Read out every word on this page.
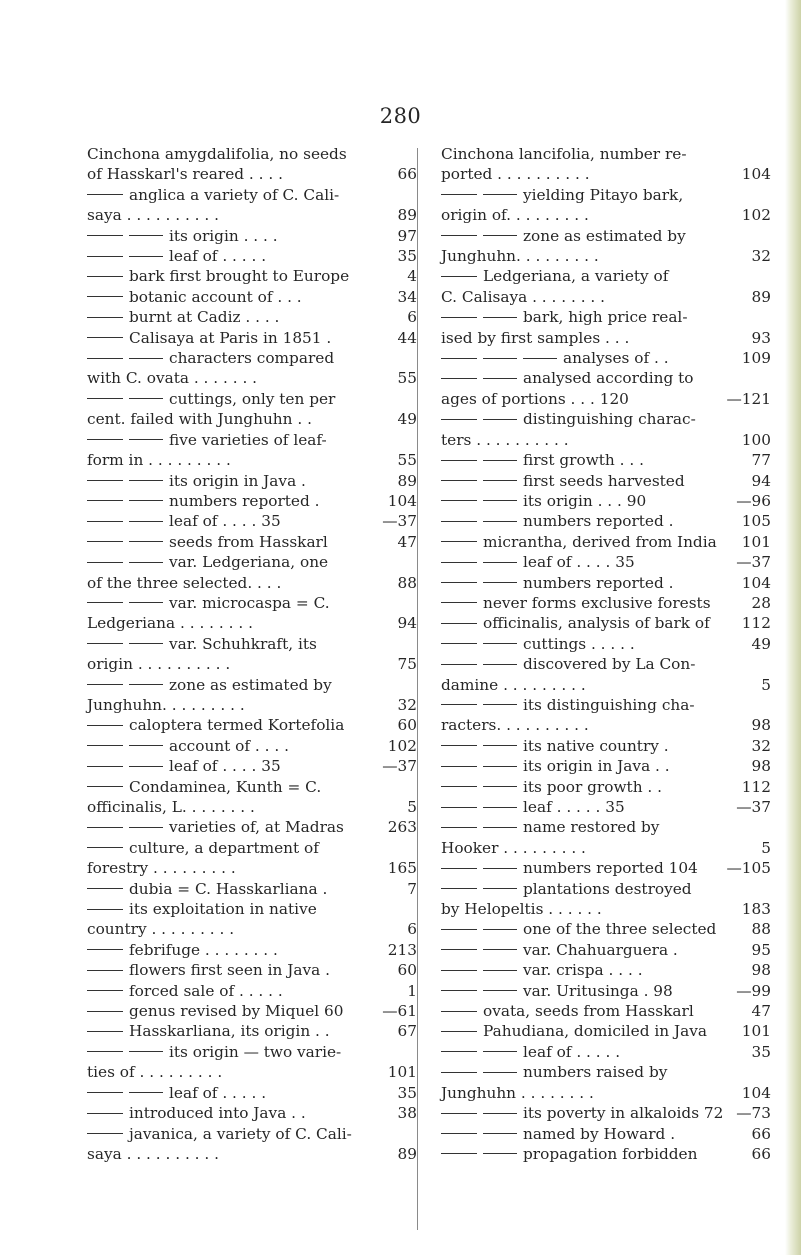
280
Cinchona amygdalifolia, no seeds
of Hasskarl's reared . . . .	66
anglica a variety of C. Cali-
saya . . . . . . . . . .	89
its origin . . . .	97
leaf of . . . . .	35
bark first brought to Europe	4
botanic account of . . .	34
burnt at Cadiz . . . .	6
Calisaya at Paris in 1851 .	44
characters compared
with C. ovata . . . . . . .	55
cuttings, only ten per
cent. failed with Junghuhn . .	49
five varieties of leaf-
form in . . . . . . . . .	55
its origin in Java .	89
numbers reported .	104
leaf of . . . . 35	—37
seeds from Hasskarl	47
var. Ledgeriana, one
of the three selected. . . .	88
var. microcaspa = C.
Ledgeriana . . . . . . . .	94
var. Schuhkraft, its
origin . . . . . . . . . .	75
zone as estimated by
Junghuhn. . . . . . . . .	32
caloptera termed Kortefolia	60
account of . . . .	102
leaf of . . . . 35	—37
Condaminea, Kunth = C.
officinalis, L. . . . . . . .	5
varieties of, at Madras	263
culture, a department of
forestry . . . . . . . . .	165
dubia = C. Hasskarliana .	7
its exploitation in native
country . . . . . . . . .	6
febrifuge . . . . . . . .	213
flowers first seen in Java .	60
forced sale of . . . . .	1
genus revised by Miquel 60	—61
Hasskarliana, its origin . .	67
its origin — two varie-
ties of . . . . . . . . .	101
leaf of . . . . .	35
introduced into Java . .	38
javanica, a variety of C. Cali-
saya . . . . . . . . . .	89
Cinchona lancifolia, number re-
ported . . . . . . . . . .	104
yielding Pitayo bark,
origin of. . . . . . . . .	102
zone as estimated by
Junghuhn. . . . . . . . .	32
Ledgeriana, a variety of
C. Calisaya . . . . . . . .	89
bark, high price real-
ised by first samples . . .	93
analyses of . .	109
analysed according to
ages of portions . . . 120	—121
distinguishing charac-
ters . . . . . . . . . .	100
first growth . . .	77
first seeds harvested	94
its origin . . . 90	—96
numbers reported .	105
micrantha, derived from India 101
leaf of . . . . 35	—37
numbers reported .	104
never forms exclusive forests	28
officinalis, analysis of bark of 112
cuttings . . . . .	49
discovered by La Con-
damine . . . . . . . . .	5
its distinguishing cha-
racters. . . . . . . . . .	98
its native country .	32
its origin in Java . .	98
its poor growth . .	112
leaf . . . . . 35	—37
name restored by
Hooker . . . . . . . . .	5
numbers reported 104 —105
plantations destroyed
by Helopeltis . . . . . .	183
one of the three selected 88
var. Chahuarguera .	95
var. crispa . . . .	98
var. Uritusinga . 98	—99
ovata, seeds from Hasskarl	47
Pahudiana, domiciled in Java 101
leaf of . . . . .	35
numbers raised by
Junghuhn . . . . . . . .	104
its poverty in alkaloids 72 —73
named by Howard .	66
propagation forbidden	66
